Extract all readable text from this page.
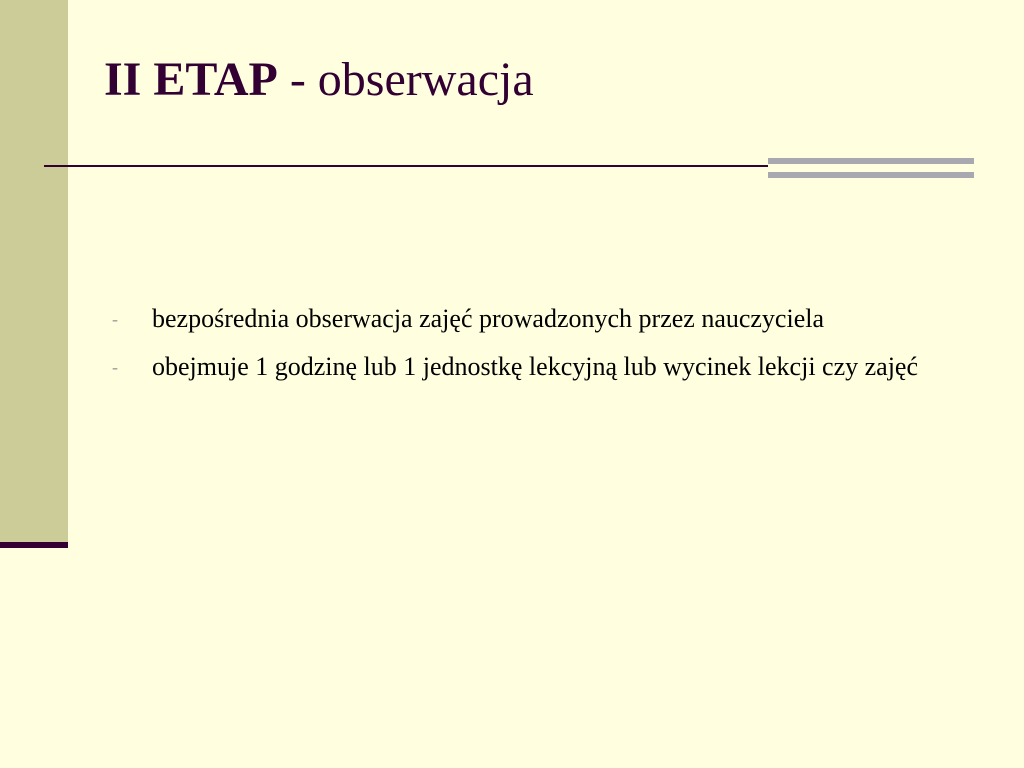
II ETAP - obserwacja
- bezpośrednia obserwacja zajęć prowadzonych przez nauczyciela
- obejmuje 1 godzinę lub 1 jednostkę lekcyjną lub wycinek lekcji czy zajęć
